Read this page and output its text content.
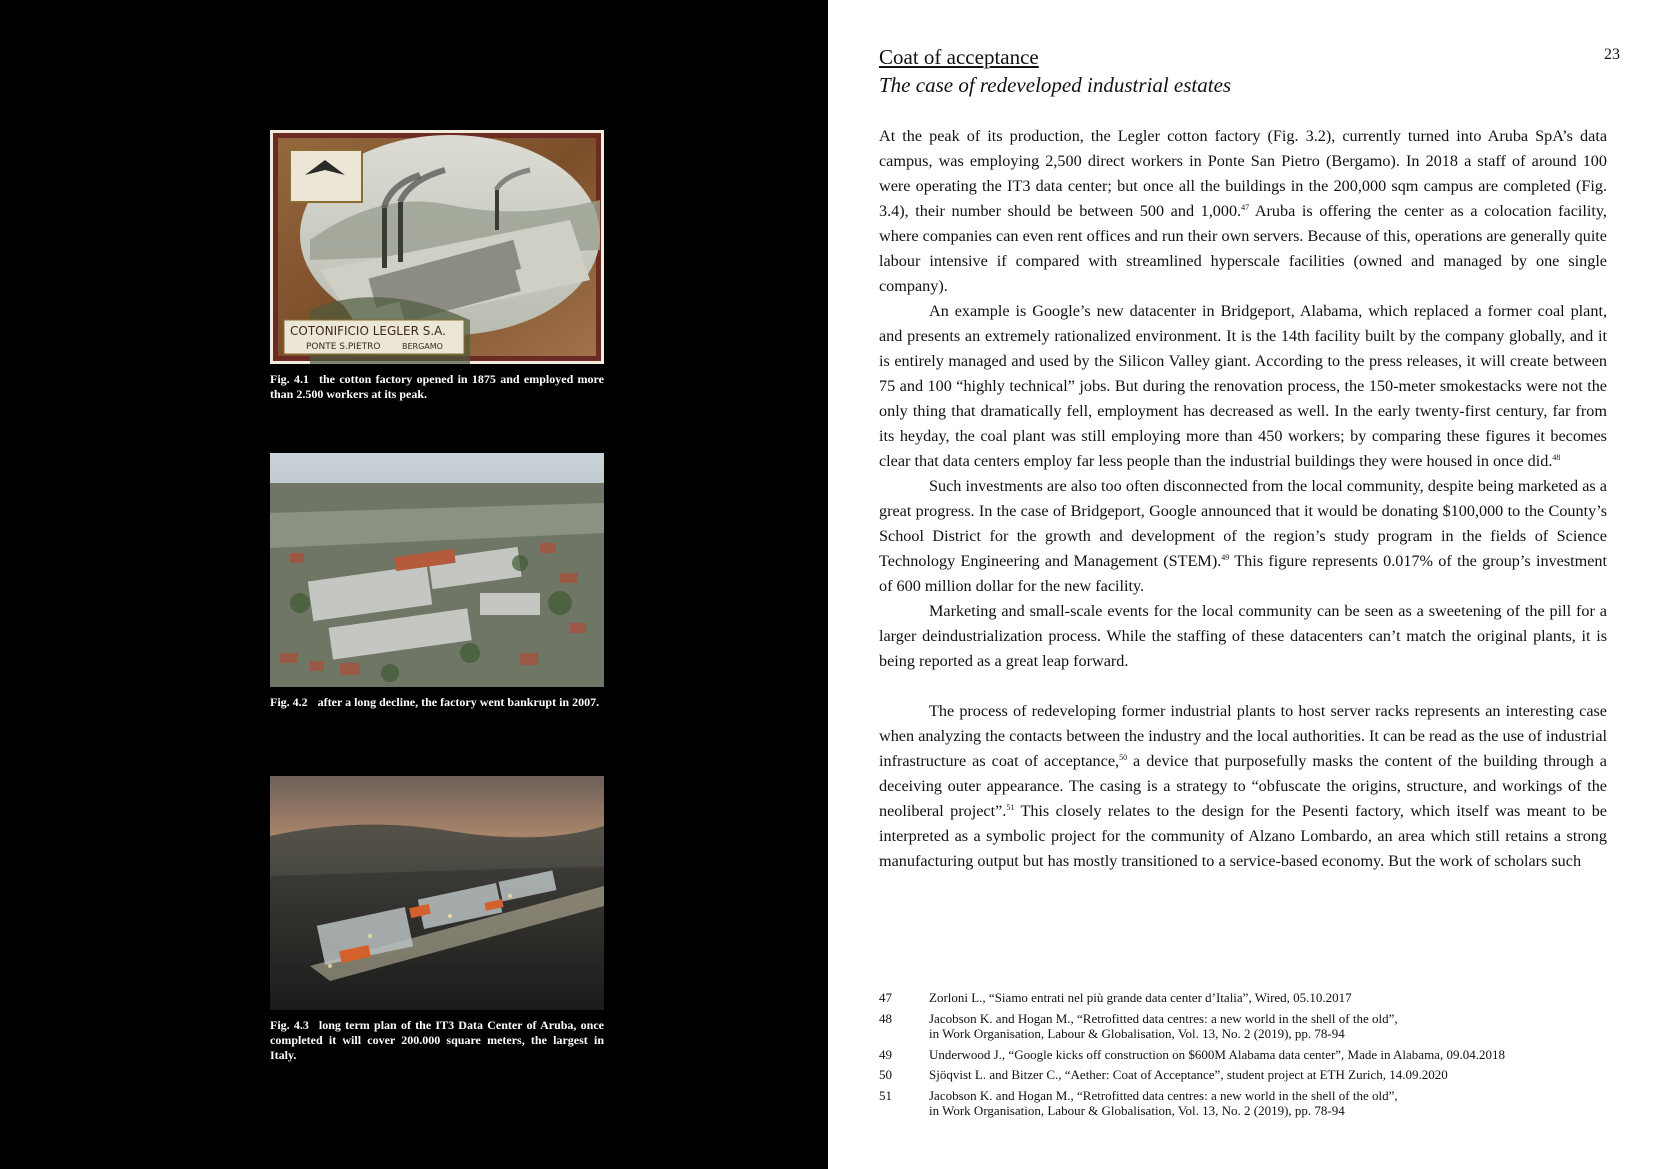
COTONIFICIO LEGLER S.A.
PONTE S.PIETRO	BERGAMO
Fig. 4.1 the cotton factory opened in 1875 and employed more than 2.500 workers at its peak.
Fig. 4.2 after a long decline, the factory went bankrupt in 2007.
Fig. 4.3 long term plan of the IT3 Data Center of Aruba, once completed it will cover 200.000 square meters, the largest in Italy.
Coat of acceptance
The case of redeveloped industrial estates
23

At the peak of its production, the Legler cotton factory (Fig. 3.2), currently turned into Aruba SpA’s data campus, was employing 2,500 direct workers in Ponte San Pietro (Bergamo). In 2018 a staff of around 100 were operating the IT3 data center; but once all the buildings in the 200,000 sqm campus are completed (Fig. 3.4), their number should be between 500 and 1,000.47 Aruba is offering the center as a colocation facility, where companies can even rent offices and run their own servers. Because of this, operations are generally quite labour intensive if compared with streamlined hyperscale facilities (owned and managed by one single company).

An example is Google’s new datacenter in Bridgeport, Alabama, which replaced a former coal plant, and presents an extremely rationalized environment. It is the 14th facility built by the company globally, and it is entirely managed and used by the Silicon Valley giant. According to the press releases, it will create between 75 and 100 “highly technical” jobs. But during the renovation process, the 150-meter smokestacks were not the only thing that dramatically fell, employment has decreased as well. In the early twenty-first century, far from its heyday, the coal plant was still employing more than 450 workers; by comparing these figures it becomes clear that data centers employ far less people than the industrial buildings they were housed in once did.$^{48}$

Such investments are also too often disconnected from the local community, despite being marketed as a great progress. In the case of Bridgeport, Google announced that it would be donating $100,000 to the County’s School District for the growth and development of the region’s study program in the fields of Science Technology Engineering and Management (STEM).$^{49}$ This figure represents 0.017% of the group’s investment of 600 million dollar for the new facility.

Marketing and small-scale events for the local community can be seen as a sweetening of the pill for a larger deindustrialization process. While the staffing of these datacenters can’t match the original plants, it is being reported as a great leap forward.

The process of redeveloping former industrial plants to host server racks represents an interesting case when analyzing the contacts between the industry and the local authorities. It can be read as the use of industrial infrastructure as coat of acceptance,$^{50}$ a device that purposefully masks the content of the building through a deceiving outer appearance. The casing is a strategy to “obfuscate the origins, structure, and workings of the neoliberal project”.$^{51}$ This closely relates to the design for the Pesenti factory, which itself was meant to be interpreted as a symbolic project for the community of Alzano Lombardo, an area which still retains a strong manufacturing output but has mostly transitioned to a service-based economy. But the work of scholars such

47	Zorloni L., “Siamo entrati nel più grande data center d’Italia”, Wired, 05.10.2017
48	Jacobson K. and Hogan M., “Retrofitted data centres: a new world in the shell of the old”,
in Work Organisation, Labour & Globalisation, Vol. 13, No. 2 (2019), pp. 78-94
49	Underwood J., “Google kicks off construction on $600M Alabama data center”, Made in Alabama, 09.04.2018
50	Sjöqvist L. and Bitzer C., “Aether: Coat of Acceptance”, student project at ETH Zurich, 14.09.2020
51	Jacobson K. and Hogan M., “Retrofitted data centres: a new world in the shell of the old”,
in Work Organisation, Labour & Globalisation, Vol. 13, No. 2 (2019), pp. 78-94
